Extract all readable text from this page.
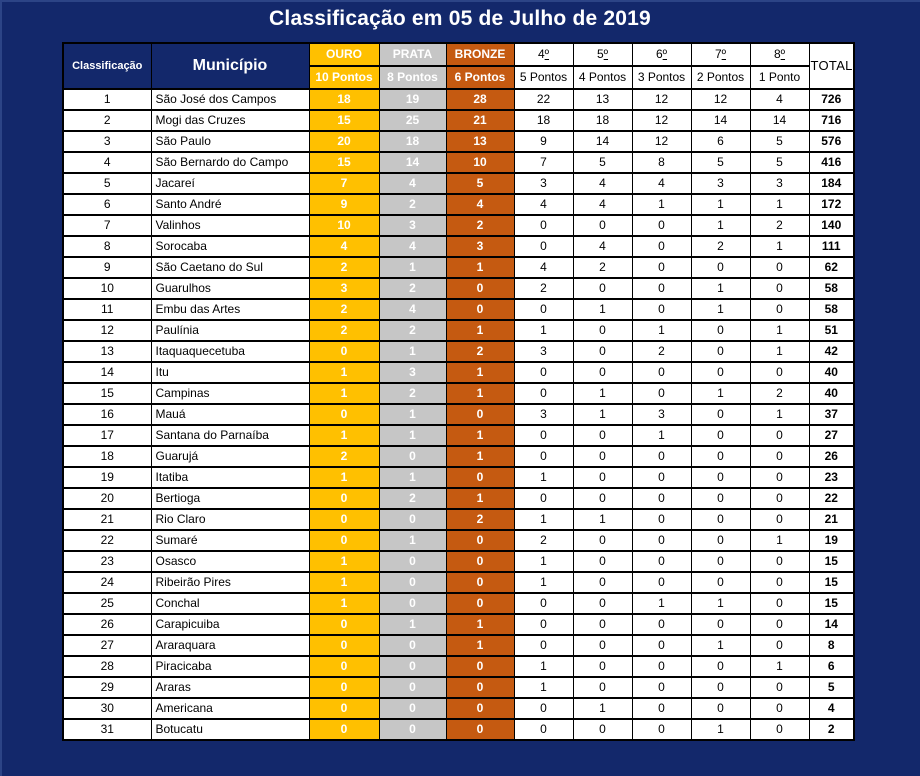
Classificação em 05 de Julho de 2019
Classificação	Município	OURO	PRATA	BRONZE	4º	5º	6º	7º	8º	TOTAL
		10 Pontos	8 Pontos	6 Pontos	5 Pontos	4 Pontos	3 Pontos	2 Pontos	1 Ponto	
1	São José dos Campos	18	19	28	22	13	12	12	4	726
2	Mogi das Cruzes	15	25	21	18	18	12	14	14	716
3	São Paulo	20	18	13	9	14	12	6	5	576
4	São Bernardo do Campo	15	14	10	7	5	8	5	5	416
5	Jacareí	7	4	5	3	4	4	3	3	184
6	Santo André	9	2	4	4	4	1	1	1	172
7	Valinhos	10	3	2	0	0	0	1	2	140
8	Sorocaba	4	4	3	0	4	0	2	1	111
9	São Caetano do Sul	2	1	1	4	2	0	0	0	62
10	Guarulhos	3	2	0	2	0	0	1	0	58
11	Embu das Artes	2	4	0	0	1	0	1	0	58
12	Paulínia	2	2	1	1	0	1	0	1	51
13	Itaquaquecetuba	0	1	2	3	0	2	0	1	42
14	Itu	1	3	1	0	0	0	0	0	40
15	Campinas	1	2	1	0	1	0	1	2	40
16	Mauá	0	1	0	3	1	3	0	1	37
17	Santana do Parnaíba	1	1	1	0	0	1	0	0	27
18	Guarujá	2	0	1	0	0	0	0	0	26
19	Itatiba	1	1	0	1	0	0	0	0	23
20	Bertioga	0	2	1	0	0	0	0	0	22
21	Rio Claro	0	0	2	1	1	0	0	0	21
22	Sumaré	0	1	0	2	0	0	0	1	19
23	Osasco	1	0	0	1	0	0	0	0	15
24	Ribeirão Pires	1	0	0	1	0	0	0	0	15
25	Conchal	1	0	0	0	0	1	1	0	15
26	Carapicuiba	0	1	1	0	0	0	0	0	14
27	Araraquara	0	0	1	0	0	0	1	0	8
28	Piracicaba	0	0	0	1	0	0	0	1	6
29	Araras	0	0	0	1	0	0	0	0	5
30	Americana	0	0	0	0	1	0	0	0	4
31	Botucatu	0	0	0	0	0	0	1	0	2
